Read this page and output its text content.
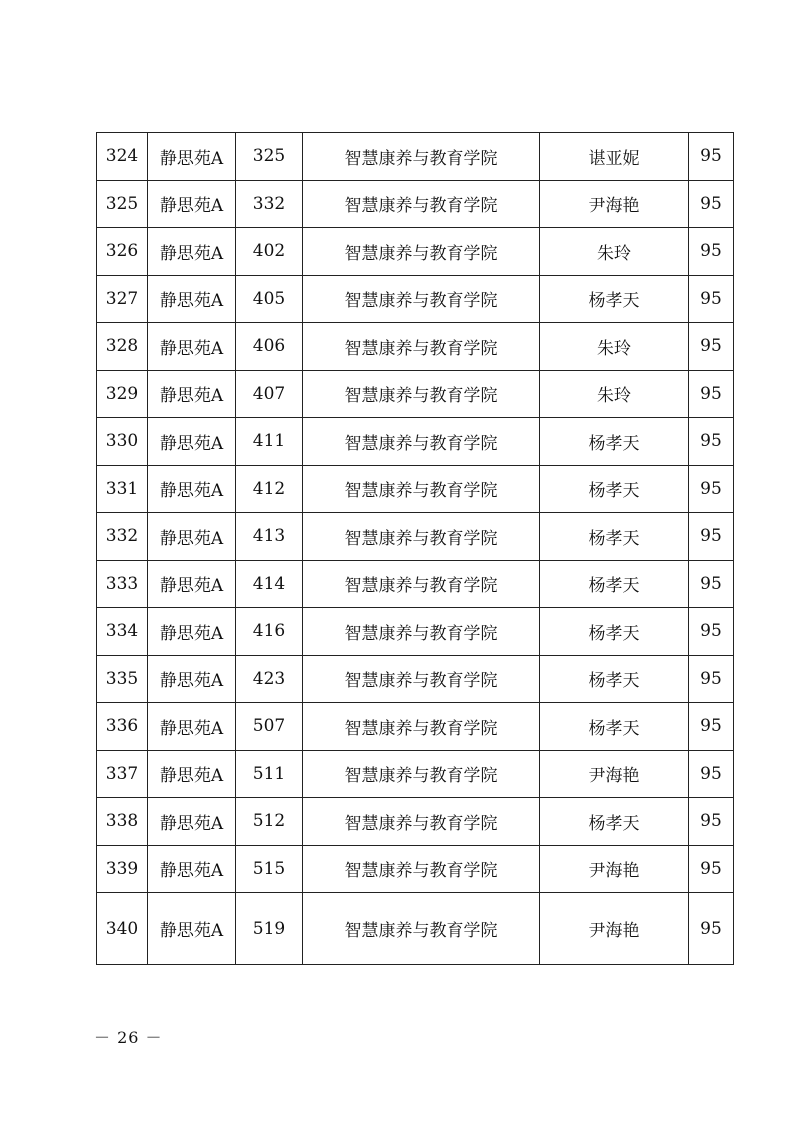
324	静思苑A	325	智慧康养与教育学院	谌亚妮	95
325	静思苑A	332	智慧康养与教育学院	尹海艳	95
326	静思苑A	402	智慧康养与教育学院	朱玲	95
327	静思苑A	405	智慧康养与教育学院	杨孝天	95
328	静思苑A	406	智慧康养与教育学院	朱玲	95
329	静思苑A	407	智慧康养与教育学院	朱玲	95
330	静思苑A	411	智慧康养与教育学院	杨孝天	95
331	静思苑A	412	智慧康养与教育学院	杨孝天	95
332	静思苑A	413	智慧康养与教育学院	杨孝天	95
333	静思苑A	414	智慧康养与教育学院	杨孝天	95
334	静思苑A	416	智慧康养与教育学院	杨孝天	95
335	静思苑A	423	智慧康养与教育学院	杨孝天	95
336	静思苑A	507	智慧康养与教育学院	杨孝天	95
337	静思苑A	511	智慧康养与教育学院	尹海艳	95
338	静思苑A	512	智慧康养与教育学院	杨孝天	95
339	静思苑A	515	智慧康养与教育学院	尹海艳	95
340	静思苑A	519	智慧康养与教育学院	尹海艳	95
－ 26 －
